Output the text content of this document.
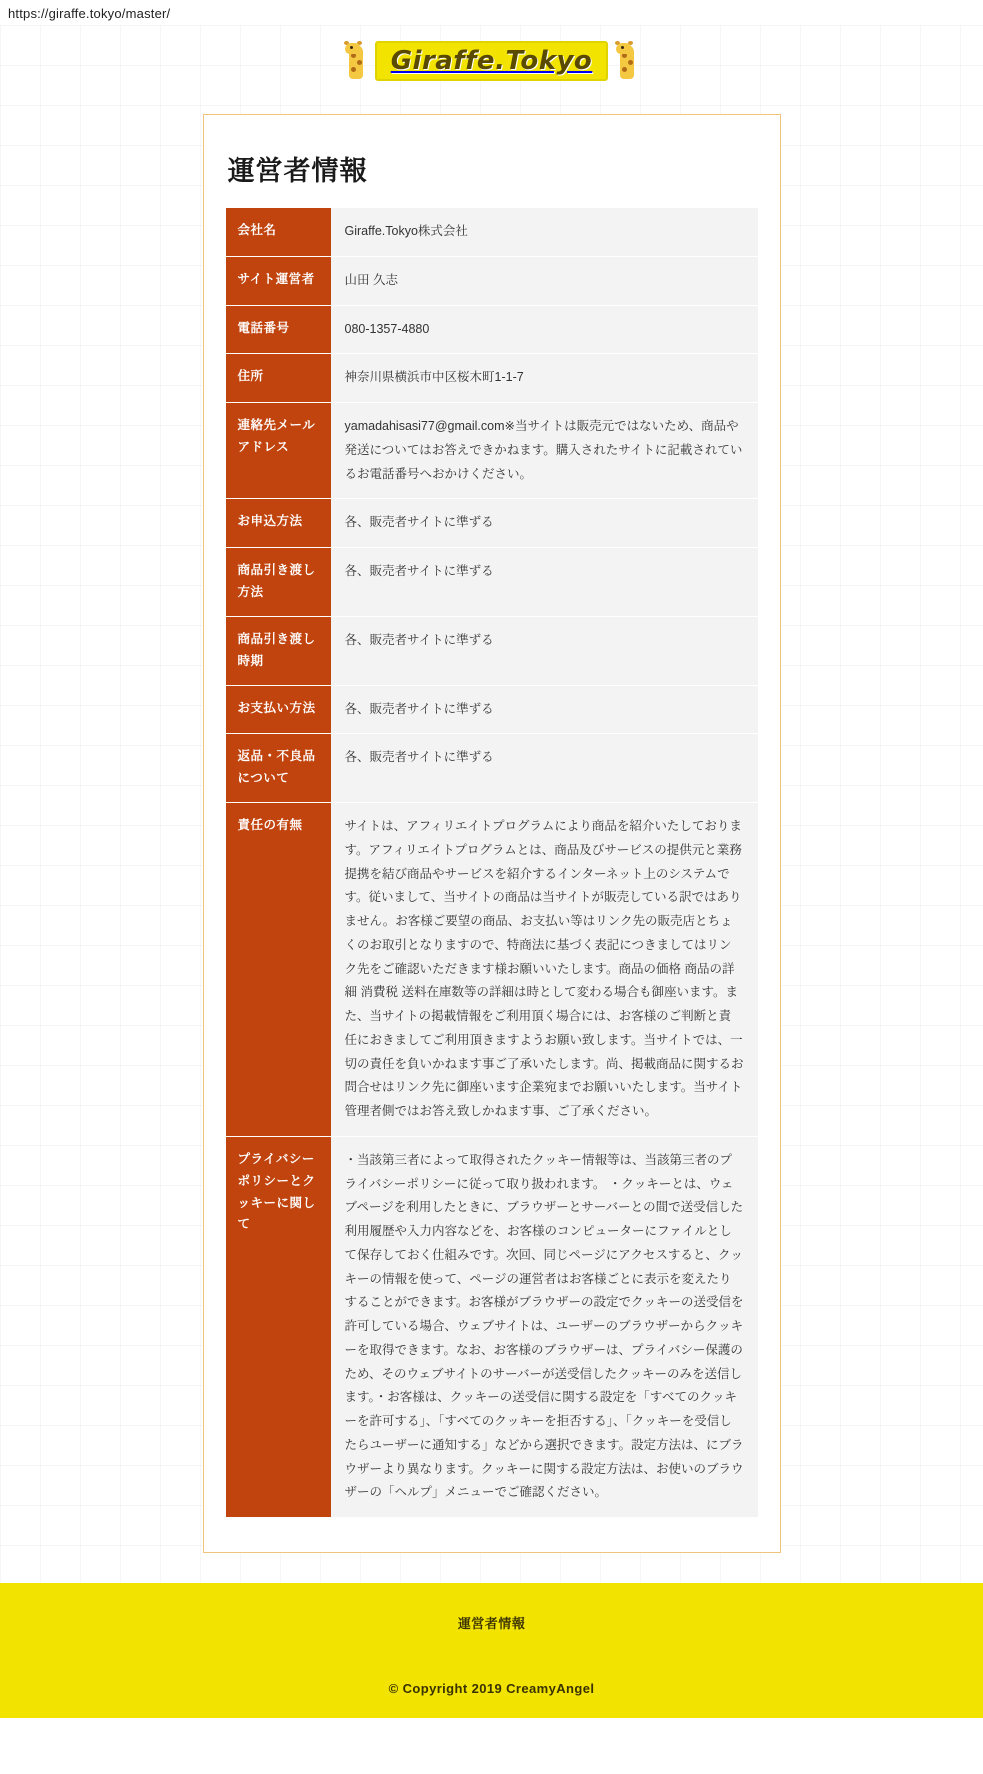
https://giraffe.tokyo/master/
Giraffe.Tokyo
運営者情報
会社名	Giraffe.Tokyo株式会社
サイト運営者	山田 久志
電話番号	080-1357-4880
住所	神奈川県横浜市中区桜木町1-1-7
連絡先メールアドレス	yamadahisasi77@gmail.com※当サイトは販売元ではないため、商品や発送についてはお答えできかねます。購入されたサイトに記載されているお電話番号へおかけください。
お申込方法	各、販売者サイトに準ずる
商品引き渡し方法	各、販売者サイトに準ずる
商品引き渡し時期	各、販売者サイトに準ずる
お支払い方法	各、販売者サイトに準ずる
返品・不良品について	各、販売者サイトに準ずる
責任の有無	サイトは、アフィリエイトプログラムにより商品を紹介いたしております。アフィリエイトプログラムとは、商品及びサービスの提供元と業務提携を結び商品やサービスを紹介するインターネット上のシステムです。従いまして、当サイトの商品は当サイトが販売している訳ではありません。お客様ご要望の商品、お支払い等はリンク先の販売店とちょくのお取引となりますので、特商法に基づく表記につきましてはリンク先をご確認いただきます様お願いいたします。商品の価格 商品の詳細 消費税 送料在庫数等の詳細は時として変わる場合も御座います。また、当サイトの掲載情報をご利用頂く場合には、お客様のご判断と責任におきましてご利用頂きますようお願い致します。当サイトでは、一切の責任を負いかねます事ご了承いたします。尚、掲載商品に関するお問合せはリンク先に御座います企業宛までお願いいたします。当サイト管理者側ではお答え致しかねます事、ご了承ください。
プライバシーポリシーとクッキーに関して	・当該第三者によって取得されたクッキー情報等は、当該第三者のプライバシーポリシーに従って取り扱われます。 ・クッキーとは、ウェブページを利用したときに、ブラウザーとサーバーとの間で送受信した利用履歴や入力内容などを、お客様のコンピューターにファイルとして保存しておく仕組みです。次回、同じページにアクセスすると、クッキーの情報を使って、ページの運営者はお客様ごとに表示を変えたりすることができます。お客様がブラウザーの設定でクッキーの送受信を許可している場合、ウェブサイトは、ユーザーのブラウザーからクッキーを取得できます。なお、お客様のブラウザーは、プライバシー保護のため、そのウェブサイトのサーバーが送受信したクッキーのみを送信します。・お客様は、クッキーの送受信に関する設定を「すべてのクッキーを許可する」、「すべてのクッキーを拒否する」、「クッキーを受信したらユーザーに通知する」などから選択できます。設定方法は、にブラウザーより異なります。クッキーに関する設定方法は、お使いのブラウザーの「ヘルプ」メニューでご確認ください。
運営者情報
© Copyright 2019 CreamyAngel
